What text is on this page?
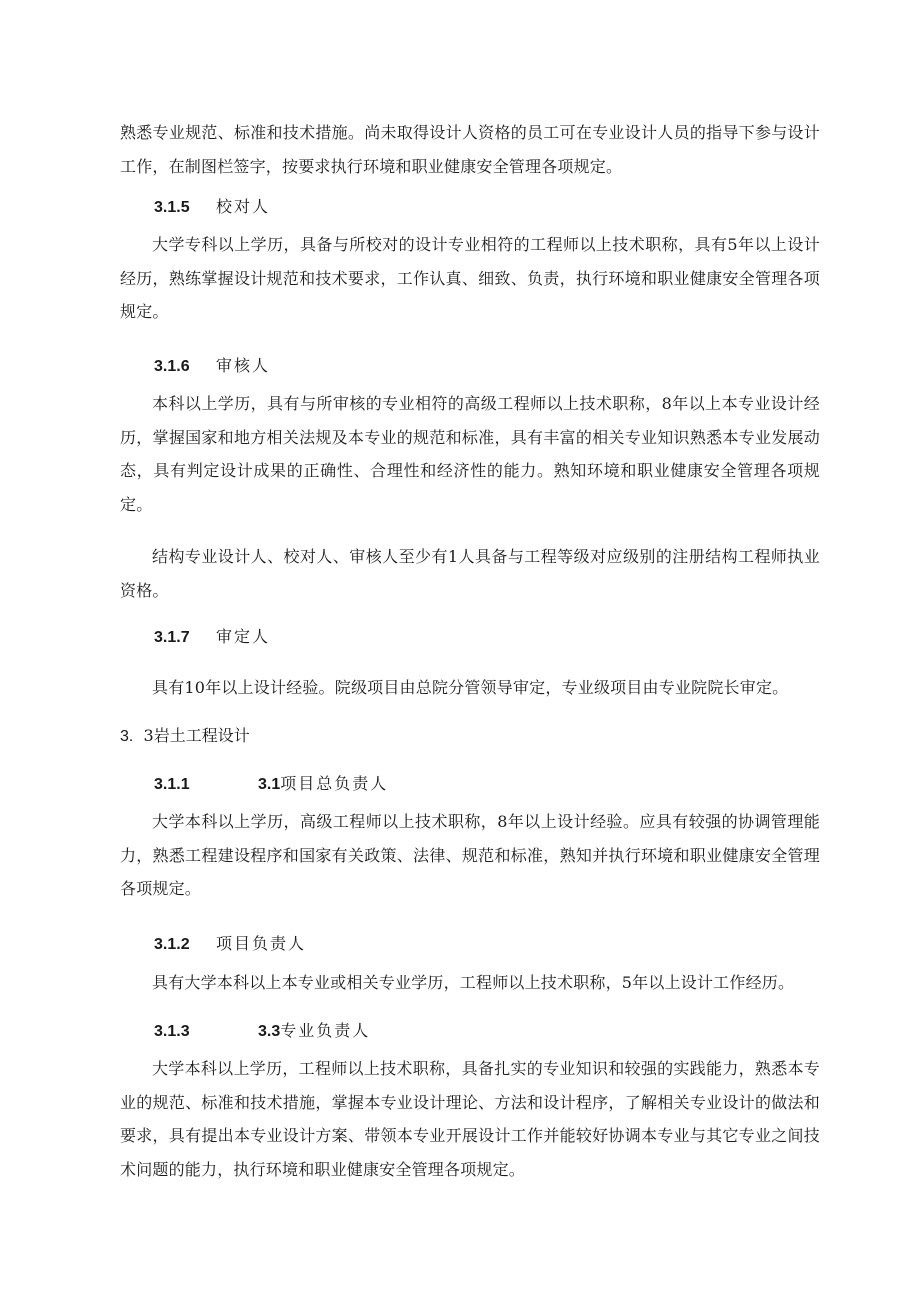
熟悉专业规范、标准和技术措施。尚未取得设计人资格的员工可在专业设计人员的指导下参与设计工作，在制图栏签字，按要求执行环境和职业健康安全管理各项规定。

3.1.5 校对人

大学专科以上学历，具备与所校对的设计专业相符的工程师以上技术职称，具有5年以上设计经历，熟练掌握设计规范和技术要求，工作认真、细致、负责，执行环境和职业健康安全管理各项规定。

3.1.6 审核人

本科以上学历，具有与所审核的专业相符的高级工程师以上技术职称，8年以上本专业设计经历，掌握国家和地方相关法规及本专业的规范和标准，具有丰富的相关专业知识熟悉本专业发展动态，具有判定设计成果的正确性、合理性和经济性的能力。熟知环境和职业健康安全管理各项规定。

结构专业设计人、校对人、审核人至少有1人具备与工程等级对应级别的注册结构工程师执业资格。

3.1.7 审定人

具有10年以上设计经验。院级项目由总院分管领导审定，专业级项目由专业院院长审定。

3. 3岩土工程设计
3.1.1	3.1项目总负责人

大学本科以上学历，高级工程师以上技术职称，8年以上设计经验。应具有较强的协调管理能力，熟悉工程建设程序和国家有关政策、法律、规范和标准，熟知并执行环境和职业健康安全管理各项规定。

3.1.2 项目负责人

具有大学本科以上本专业或相关专业学历，工程师以上技术职称，5年以上设计工作经历。

3.1.3	3.3专业负责人

大学本科以上学历，工程师以上技术职称，具备扎实的专业知识和较强的实践能力，熟悉本专业的规范、标准和技术措施，掌握本专业设计理论、方法和设计程序，了解相关专业设计的做法和要求，具有提出本专业设计方案、带领本专业开展设计工作并能较好协调本专业与其它专业之间技术问题的能力，执行环境和职业健康安全管理各项规定。
